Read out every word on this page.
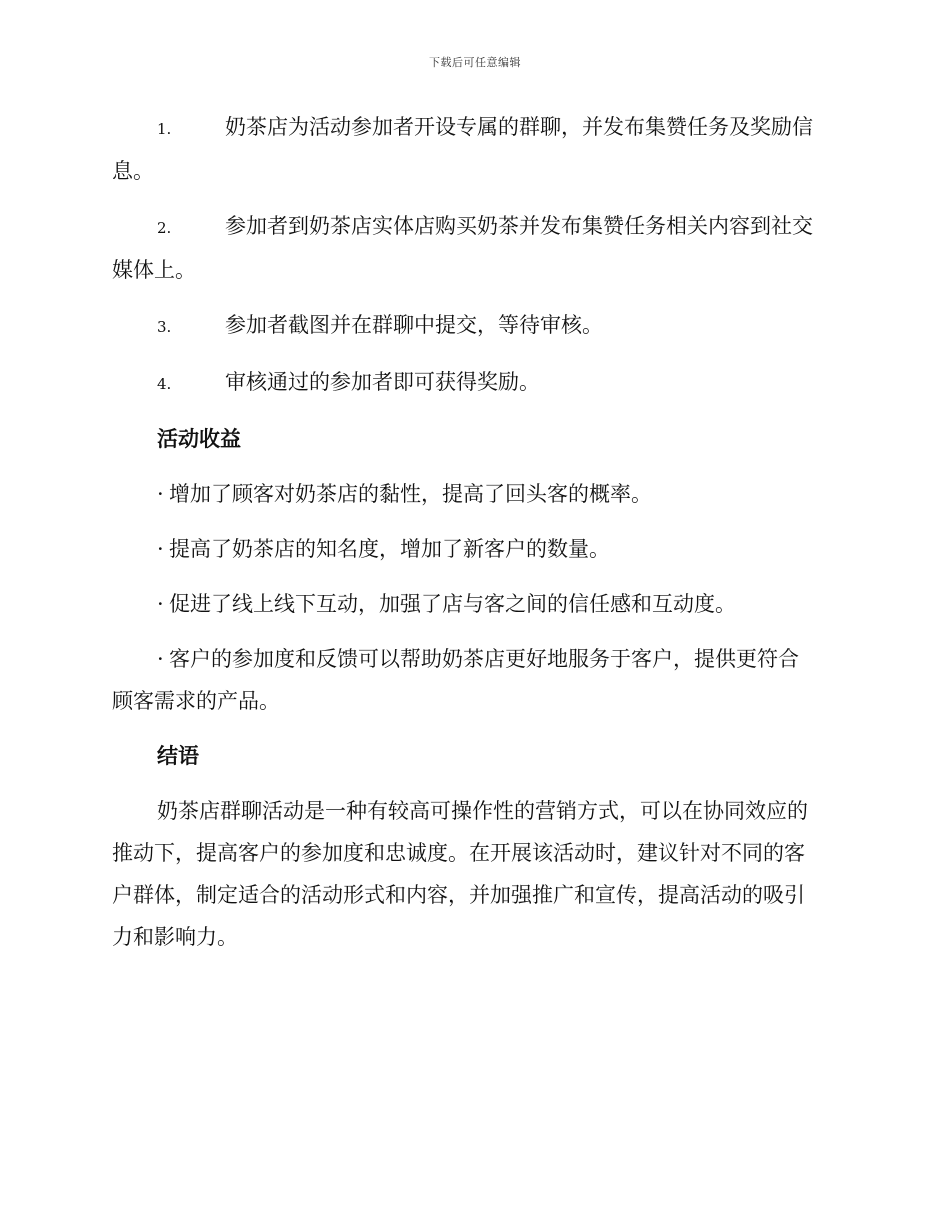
下载后可任意编辑
1.	奶茶店为活动参加者开设专属的群聊，并发布集赞任务及奖励信
息。
2.	参加者到奶茶店实体店购买奶茶并发布集赞任务相关内容到社交
媒体上。
3.	参加者截图并在群聊中提交，等待审核。
4.	审核通过的参加者即可获得奖励。
活动收益
· 增加了顾客对奶茶店的黏性，提高了回头客的概率。
· 提高了奶茶店的知名度，增加了新客户的数量。
· 促进了线上线下互动，加强了店与客之间的信任感和互动度。
· 客户的参加度和反馈可以帮助奶茶店更好地服务于客户，提供更符合
顾客需求的产品。
结语
奶茶店群聊活动是一种有较高可操作性的营销方式，可以在协同效应的
推动下，提高客户的参加度和忠诚度。在开展该活动时，建议针对不同的客
户群体，制定适合的活动形式和内容，并加强推广和宣传，提高活动的吸引
力和影响力。
